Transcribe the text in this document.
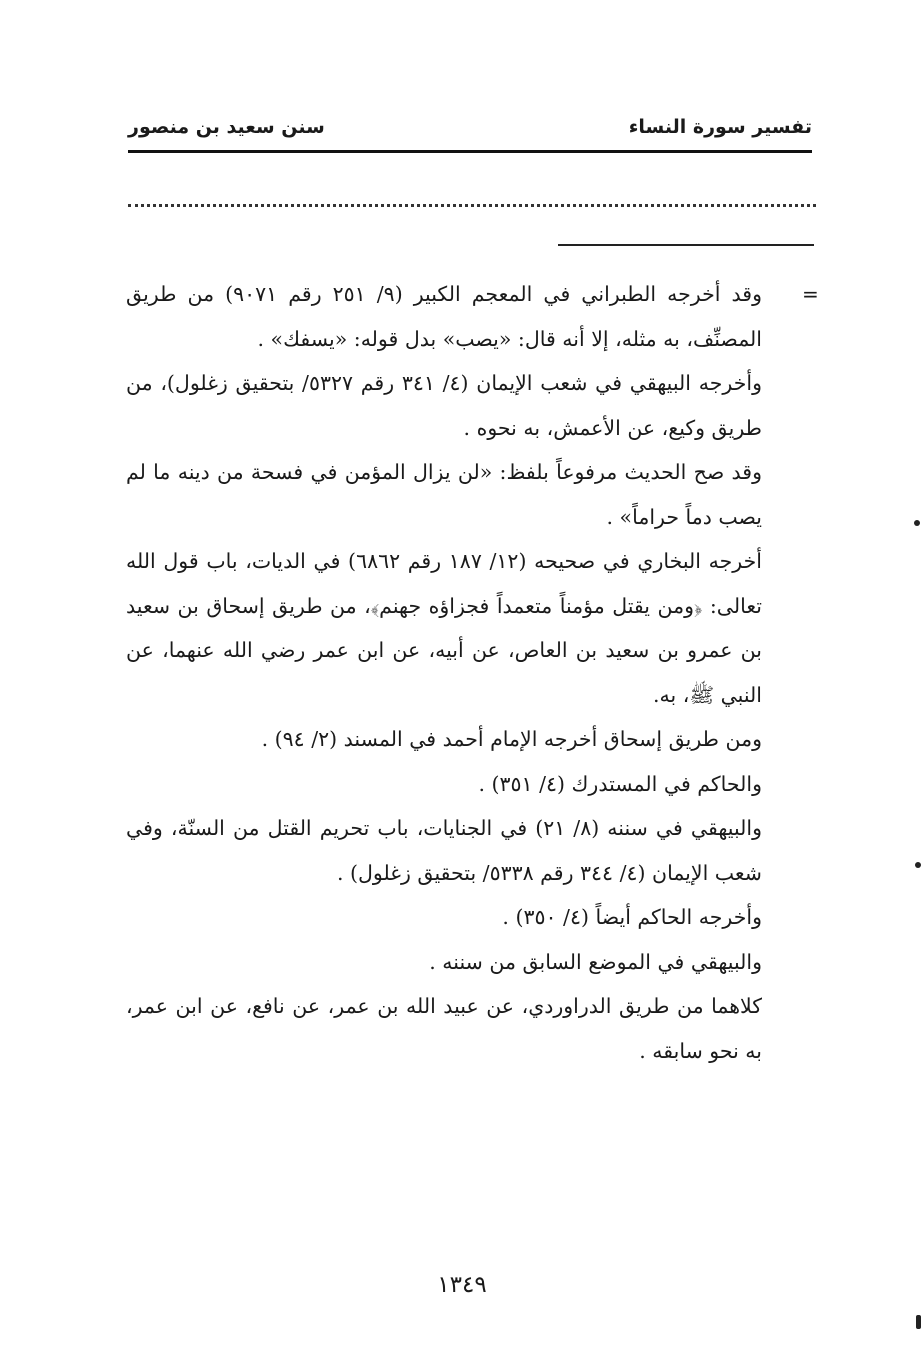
تفسير سورة النساء
سنن سعيد بن منصور
=

وقد أخرجه الطبراني في المعجم الكبير (٩/ ٢٥١ رقم ٩٠٧١) من طريق المصنِّف، به مثله، إلا أنه قال: «يصب» بدل قوله: «يسفك» .

وأخرجه البيهقي في شعب الإيمان (٤/ ٣٤١ رقم ٥٣٢٧/ بتحقيق زغلول)، من طريق وكيع، عن الأعمش، به نحوه .

وقد صح الحديث مرفوعاً بلفظ: «لن يزال المؤمن في فسحة من دينه ما لم يصب دماً حراماً» .

أخرجه البخاري في صحيحه (١٢/ ١٨٧ رقم ٦٨٦٢) في الديات، باب قول الله تعالى: ﴿ومن يقتل مؤمناً متعمداً فجزاؤه جهنم﴾، من طريق إسحاق بن سعيد بن عمرو بن سعيد بن العاص، عن أبيه، عن ابن عمر رضي الله عنهما، عن النبي ﷺ، به.

ومن طريق إسحاق أخرجه الإمام أحمد في المسند (٢/ ٩٤) .

والحاكم في المستدرك (٤/ ٣٥١) .

والبيهقي في سننه (٨/ ٢١) في الجنايات، باب تحريم القتل من السنّة، وفي شعب الإيمان (٤/ ٣٤٤ رقم ٥٣٣٨/ بتحقيق زغلول) .

وأخرجه الحاكم أيضاً (٤/ ٣٥٠) .

والبيهقي في الموضع السابق من سننه .

كلاهما من طريق الدراوردي، عن عبيد الله بن عمر، عن نافع، عن ابن عمر، به نحو سابقه .

١٣٤٩
